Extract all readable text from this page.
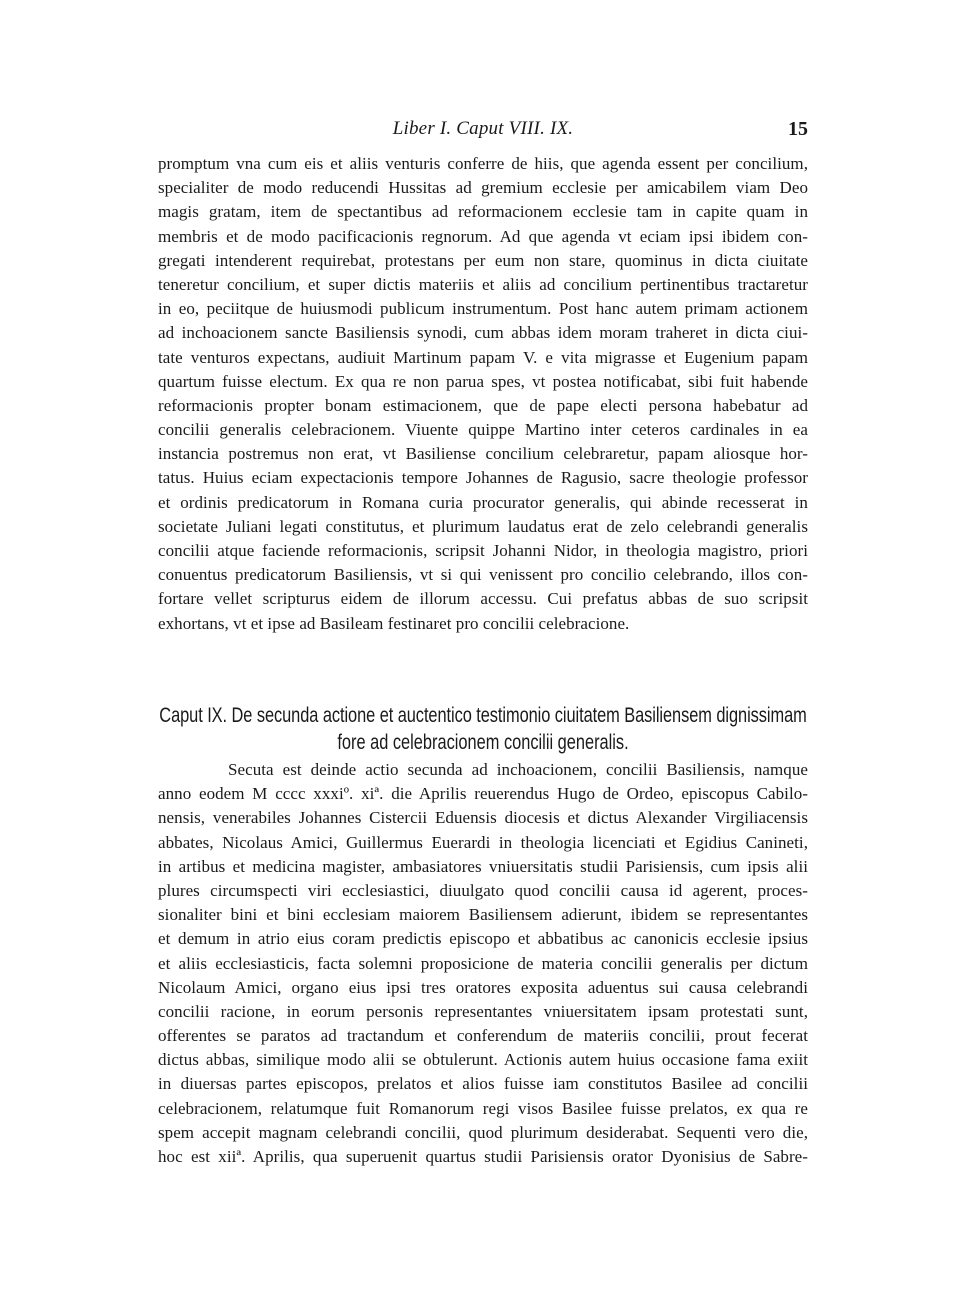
Liber I. Caput VIII. IX.	15
promptum vna cum eis et aliis venturis conferre de hiis, que agenda essent per concilium,
specialiter de modo reducendi Hussitas ad gremium ecclesie per amicabilem viam Deo
magis gratam, item de spectantibus ad reformacionem ecclesie tam in capite quam in
membris et de modo pacificacionis regnorum. Ad que agenda vt eciam ipsi ibidem con-
gregati intenderent requirebat, protestans per eum non stare, quominus in dicta ciuitate
teneretur concilium, et super dictis materiis et aliis ad concilium pertinentibus tractaretur
in eo, peciitque de huiusmodi publicum instrumentum. Post hanc autem primam actionem
ad inchoacionem sancte Basiliensis synodi, cum abbas idem moram traheret in dicta ciui-
tate venturos expectans, audiuit Martinum papam V. e vita migrasse et Eugenium papam
quartum fuisse electum. Ex qua re non parua spes, vt postea notificabat, sibi fuit habende
reformacionis propter bonam estimacionem, que de pape electi persona habebatur ad
concilii generalis celebracionem. Viuente quippe Martino inter ceteros cardinales in ea
instancia postremus non erat, vt Basiliense concilium celebraretur, papam aliosque hor-
tatus. Huius eciam expectacionis tempore Johannes de Ragusio, sacre theologie professor
et ordinis predicatorum in Romana curia procurator generalis, qui abinde recesserat in
societate Juliani legati constitutus, et plurimum laudatus erat de zelo celebrandi generalis
concilii atque faciende reformacionis, scripsit Johanni Nidor, in theologia magistro, priori
conuentus predicatorum Basiliensis, vt si qui venissent pro concilio celebrando, illos con-
fortare vellet scripturus eidem de illorum accessu. Cui prefatus abbas de suo scripsit
exhortans, vt et ipse ad Basileam festinaret pro concilii celebracione.
Caput IX. De secunda actione et auctentico testimonio ciuitatem Basiliensem dignissimam
fore ad celebracionem concilii generalis.
Secuta est deinde actio secunda ad inchoacionem, concilii Basiliensis, namque
anno eodem M cccc xxxiº. xiª. die Aprilis reuerendus Hugo de Ordeo, episcopus Cabilo-
nensis, venerabiles Johannes Cistercii Eduensis diocesis et dictus Alexander Virgiliacensis
abbates, Nicolaus Amici, Guillermus Euerardi in theologia licenciati et Egidius Canineti,
in artibus et medicina magister, ambasiatores vniuersitatis studii Parisiensis, cum ipsis alii
plures circumspecti viri ecclesiastici, diuulgato quod concilii causa id agerent, proces-
sionaliter bini et bini ecclesiam maiorem Basiliensem adierunt, ibidem se representantes
et demum in atrio eius coram predictis episcopo et abbatibus ac canonicis ecclesie ipsius
et aliis ecclesiasticis, facta solemni proposicione de materia concilii generalis per dictum
Nicolaum Amici, organo eius ipsi tres oratores exposita aduentus sui causa celebrandi
concilii racione, in eorum personis representantes vniuersitatem ipsam protestati sunt,
offerentes se paratos ad tractandum et conferendum de materiis concilii, prout fecerat
dictus abbas, similique modo alii se obtulerunt. Actionis autem huius occasione fama exiit
in diuersas partes episcopos, prelatos et alios fuisse iam constitutos Basilee ad concilii
celebracionem, relatumque fuit Romanorum regi visos Basilee fuisse prelatos, ex qua re
spem accepit magnam celebrandi concilii, quod plurimum desiderabat. Sequenti vero die,
hoc est xiiª. Aprilis, qua superuenit quartus studii Parisiensis orator Dyonisius de Sabre-
